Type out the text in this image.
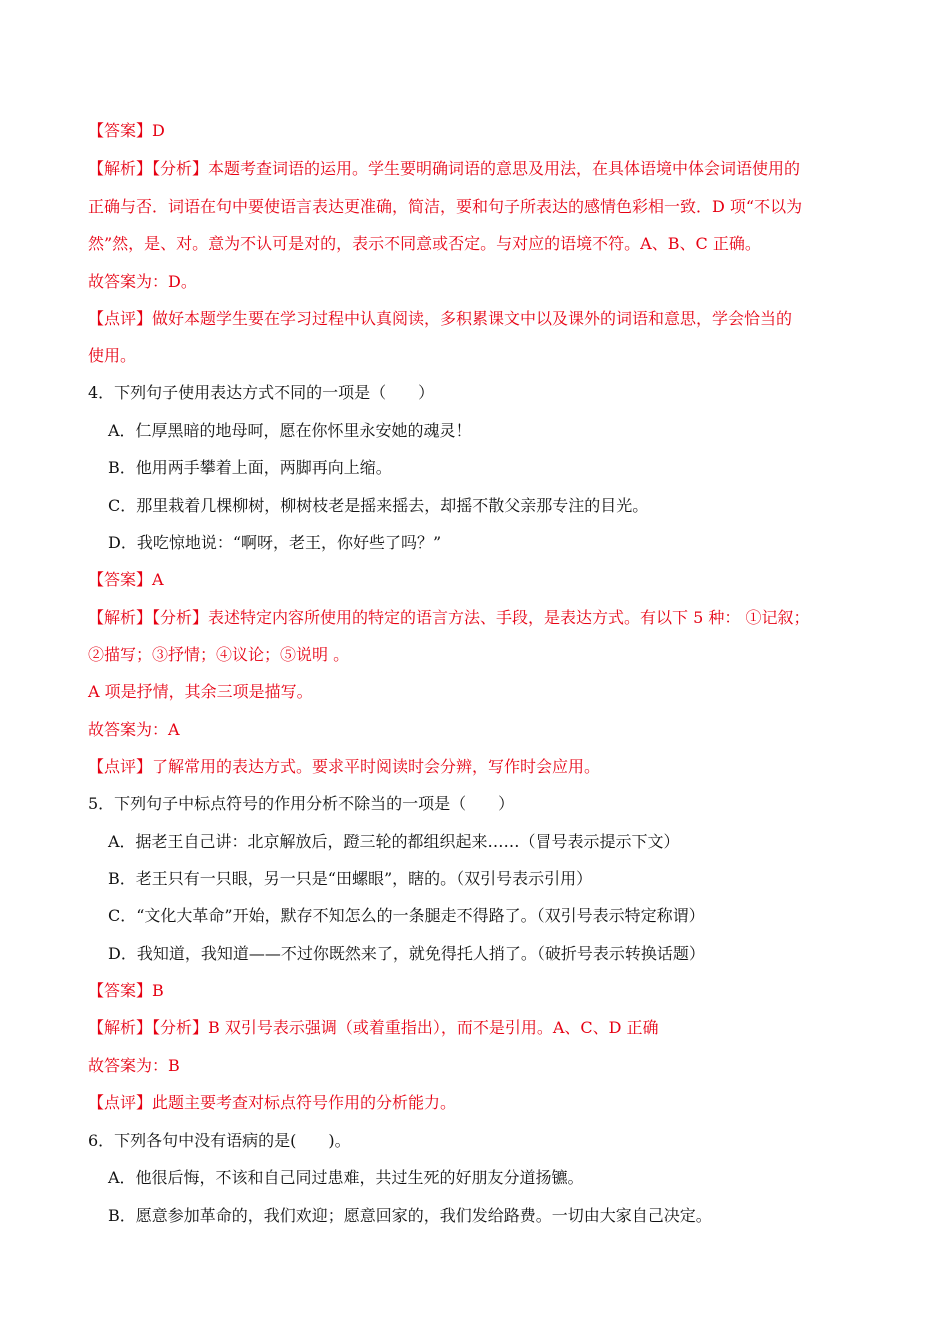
【答案】D
【解析】【分析】本题考查词语的运用。学生要明确词语的意思及用法，在具体语境中体会词语使用的
正确与否．词语在句中要使语言表达更准确，简洁，要和句子所表达的感情色彩相一致．D 项“不以为
然”然，是、对。意为不认可是对的，表示不同意或否定。与对应的语境不符。A、B、C 正确。
故答案为：D。
【点评】做好本题学生要在学习过程中认真阅读，多积累课文中以及课外的词语和意思，学会恰当的
使用。
4．下列句子使用表达方式不同的一项是（　　）
A．仁厚黑暗的地母呵，愿在你怀里永安她的魂灵！
B．他用两手攀着上面，两脚再向上缩。
C．那里栽着几棵柳树，柳树枝老是摇来摇去，却摇不散父亲那专注的目光。
D．我吃惊地说：“啊呀，老王，你好些了吗？”
【答案】A
【解析】【分析】表述特定内容所使用的特定的语言方法、手段，是表达方式。有以下 5 种： ①记叙；
②描写；③抒情；④议论；⑤说明 。
A 项是抒情，其余三项是描写。
故答案为：A
【点评】了解常用的表达方式。要求平时阅读时会分辨，写作时会应用。
5．下列句子中标点符号的作用分析不除当的一项是（　　）
A．据老王自己讲：北京解放后，蹬三轮的都组织起来……（冒号表示提示下文）
B．老王只有一只眼，另一只是“田螺眼”，瞎的。（双引号表示引用）
C．“文化大革命”开始，默存不知怎么的一条腿走不得路了。（双引号表示特定称谓）
D．我知道，我知道——不过你既然来了，就免得托人捎了。（破折号表示转换话题）
【答案】B
【解析】【分析】B 双引号表示强调（或着重指出），而不是引用。A、C、D 正确
故答案为：B
【点评】此题主要考查对标点符号作用的分析能力。
6．下列各句中没有语病的是(　　)。
A．他很后悔，不该和自己同过患难，共过生死的好朋友分道扬镳。
B．愿意参加革命的，我们欢迎；愿意回家的，我们发给路费。一切由大家自己决定。
